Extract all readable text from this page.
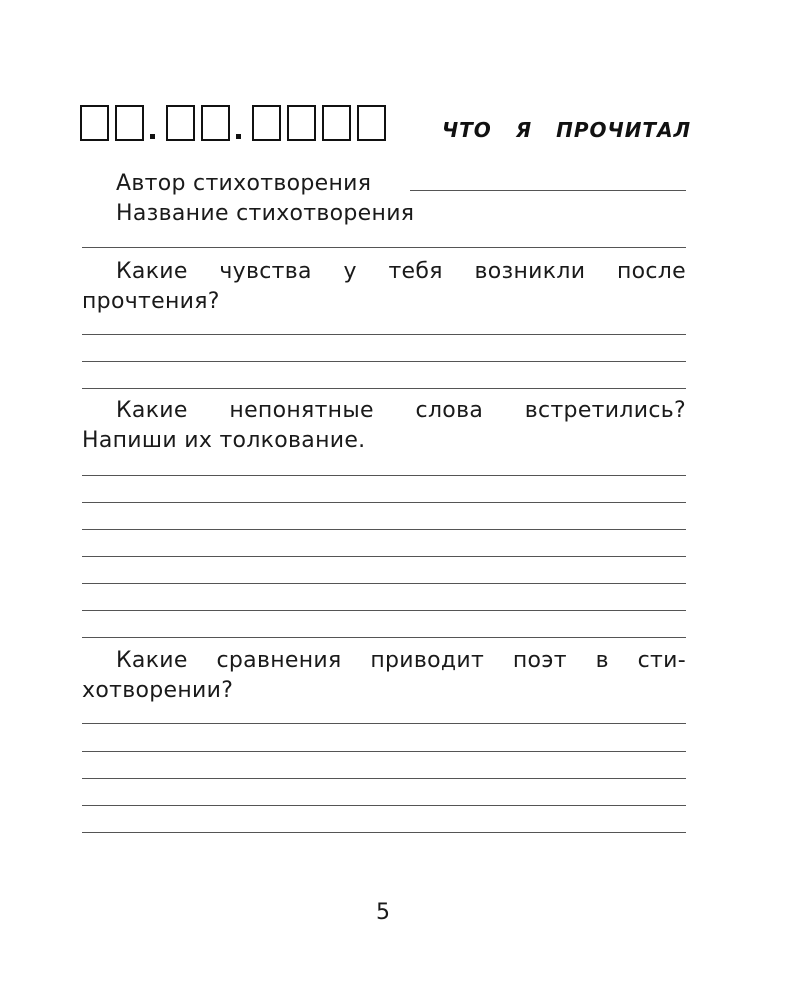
ЧТО Я ПРОЧИТАЛ
Автор стихотворения
Название стихотворения
Какие чувства у тебя возникли после
прочтения?
Какие непонятные слова встретились?
Напиши их толкование.
Какие сравнения приводит поэт в сти-
хотворении?
5
